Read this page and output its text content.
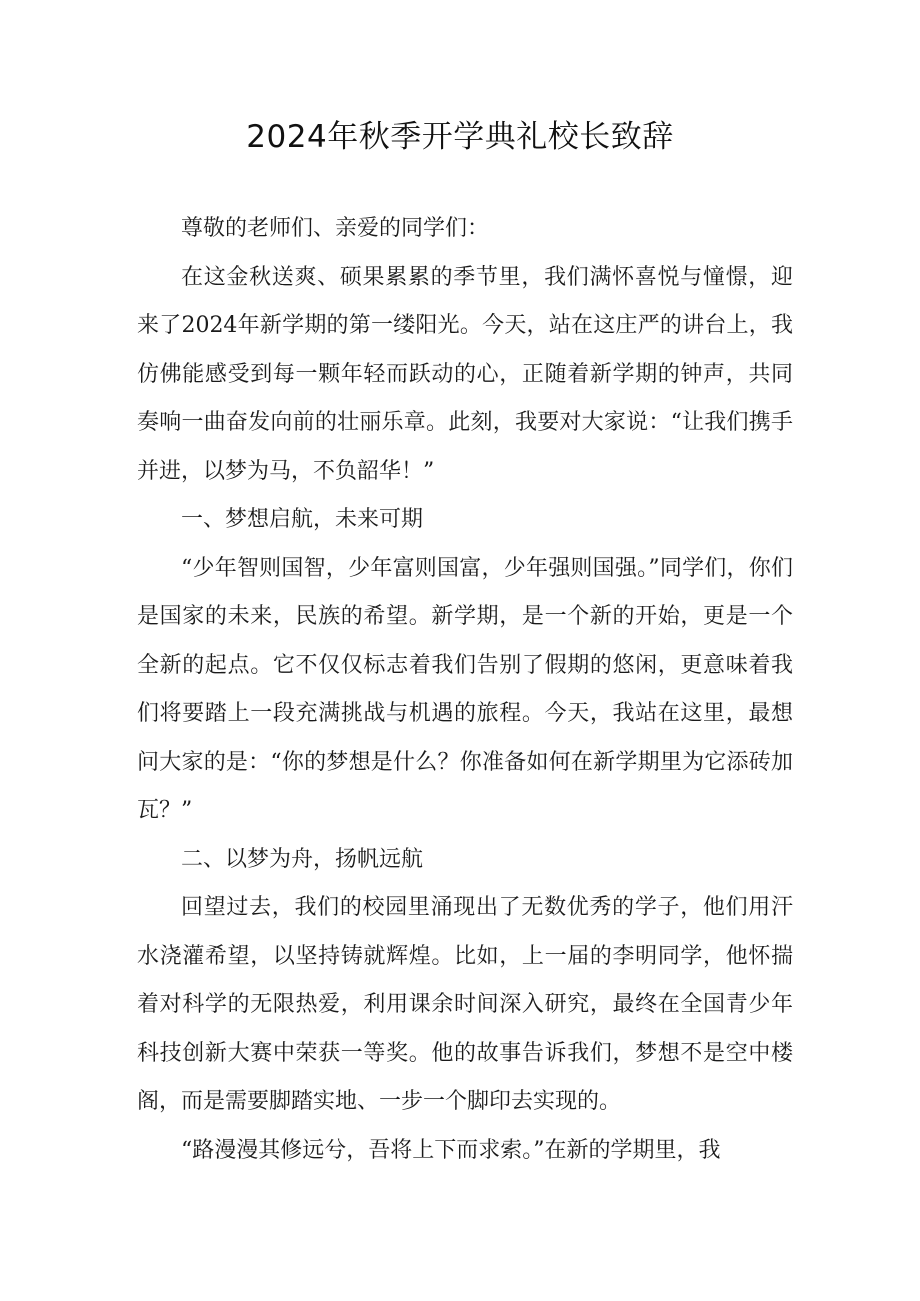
2024年秋季开学典礼校长致辞

尊敬的老师们、亲爱的同学们：

在这金秋送爽、硕果累累的季节里，我们满怀喜悦与憧憬，迎来了2024年新学期的第一缕阳光。今天，站在这庄严的讲台上，我仿佛能感受到每一颗年轻而跃动的心，正随着新学期的钟声，共同奏响一曲奋发向前的壮丽乐章。此刻，我要对大家说：“让我们携手并进，以梦为马，不负韶华！”

一、梦想启航，未来可期

“少年智则国智，少年富则国富，少年强则国强。”同学们，你们是国家的未来，民族的希望。新学期，是一个新的开始，更是一个全新的起点。它不仅仅标志着我们告别了假期的悠闲，更意味着我们将要踏上一段充满挑战与机遇的旅程。今天，我站在这里，最想问大家的是：“你的梦想是什么？你准备如何在新学期里为它添砖加瓦？”

二、以梦为舟，扬帆远航

回望过去，我们的校园里涌现出了无数优秀的学子，他们用汗水浇灌希望，以坚持铸就辉煌。比如，上一届的李明同学，他怀揣着对科学的无限热爱，利用课余时间深入研究，最终在全国青少年科技创新大赛中荣获一等奖。他的故事告诉我们，梦想不是空中楼阁，而是需要脚踏实地、一步一个脚印去实现的。

“路漫漫其修远兮，吾将上下而求索。”在新的学期里，我
